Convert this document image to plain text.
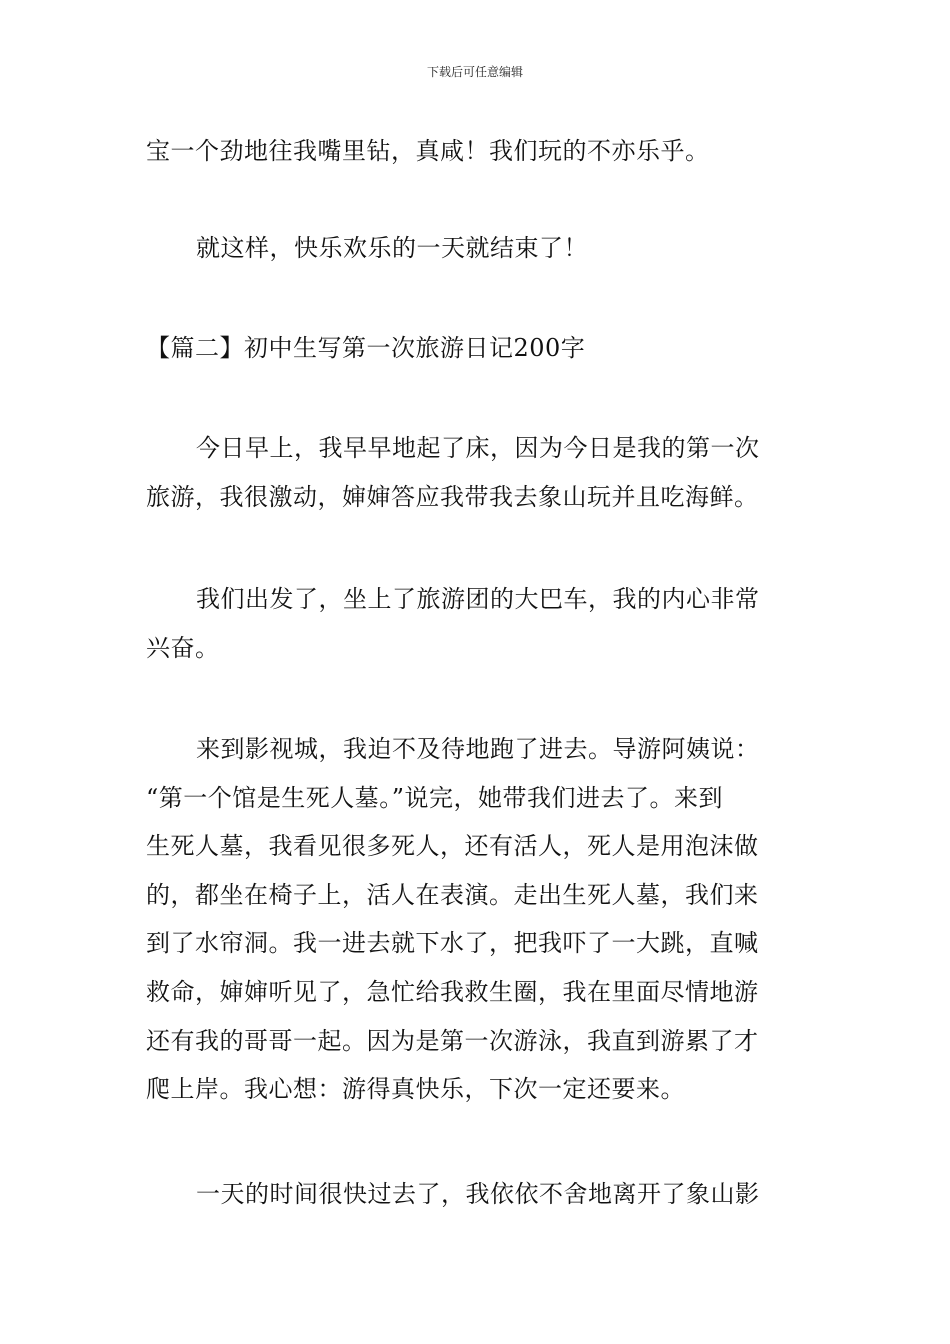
下载后可任意编辑
宝一个劲地往我嘴里钻，真咸！我们玩的不亦乐乎。
就这样，快乐欢乐的一天就结束了！
【篇二】初中生写第一次旅游日记200字
今日早上，我早早地起了床，因为今日是我的第一次
旅游，我很激动，婶婶答应我带我去象山玩并且吃海鲜。
我们出发了，坐上了旅游团的大巴车，我的内心非常
兴奋。
来到影视城，我迫不及待地跑了进去。导游阿姨说：
“第一个馆是生死人墓。”说完，她带我们进去了。来到
生死人墓，我看见很多死人，还有活人，死人是用泡沫做
的，都坐在椅子上，活人在表演。走出生死人墓，我们来
到了水帘洞。我一进去就下水了，把我吓了一大跳，直喊
救命，婶婶听见了，急忙给我救生圈，我在里面尽情地游
还有我的哥哥一起。因为是第一次游泳，我直到游累了才
爬上岸。我心想：游得真快乐，下次一定还要来。
一天的时间很快过去了，我依依不舍地离开了象山影
